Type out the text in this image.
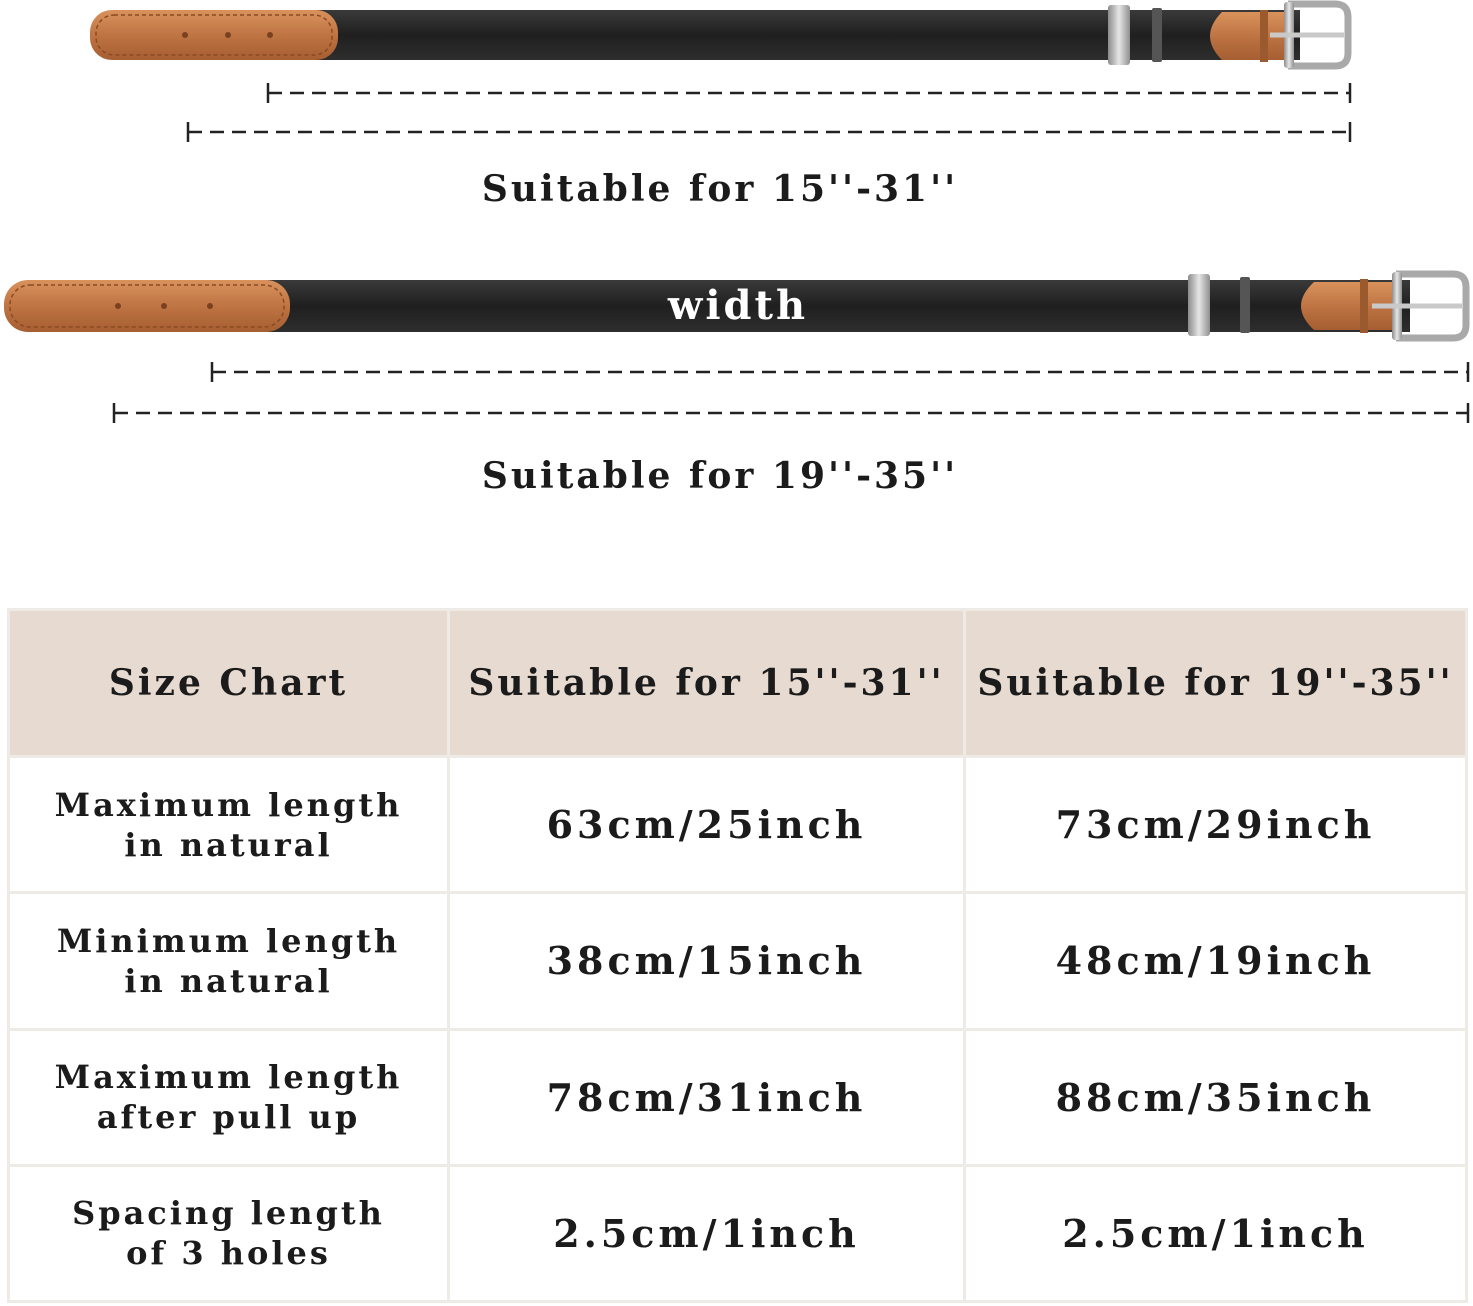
Suitable for 15''-31''
width
Suitable for 19''-35''
Size Chart	Suitable for 15''-31''	Suitable for 19''-35''

Maximum length
in natural	63cm/25inch	73cm/29inch

Minimum length
in natural	38cm/15inch	48cm/19inch

Maximum length
after pull up	78cm/31inch	88cm/35inch

Spacing length
of 3 holes	2.5cm/1inch	2.5cm/1inch
